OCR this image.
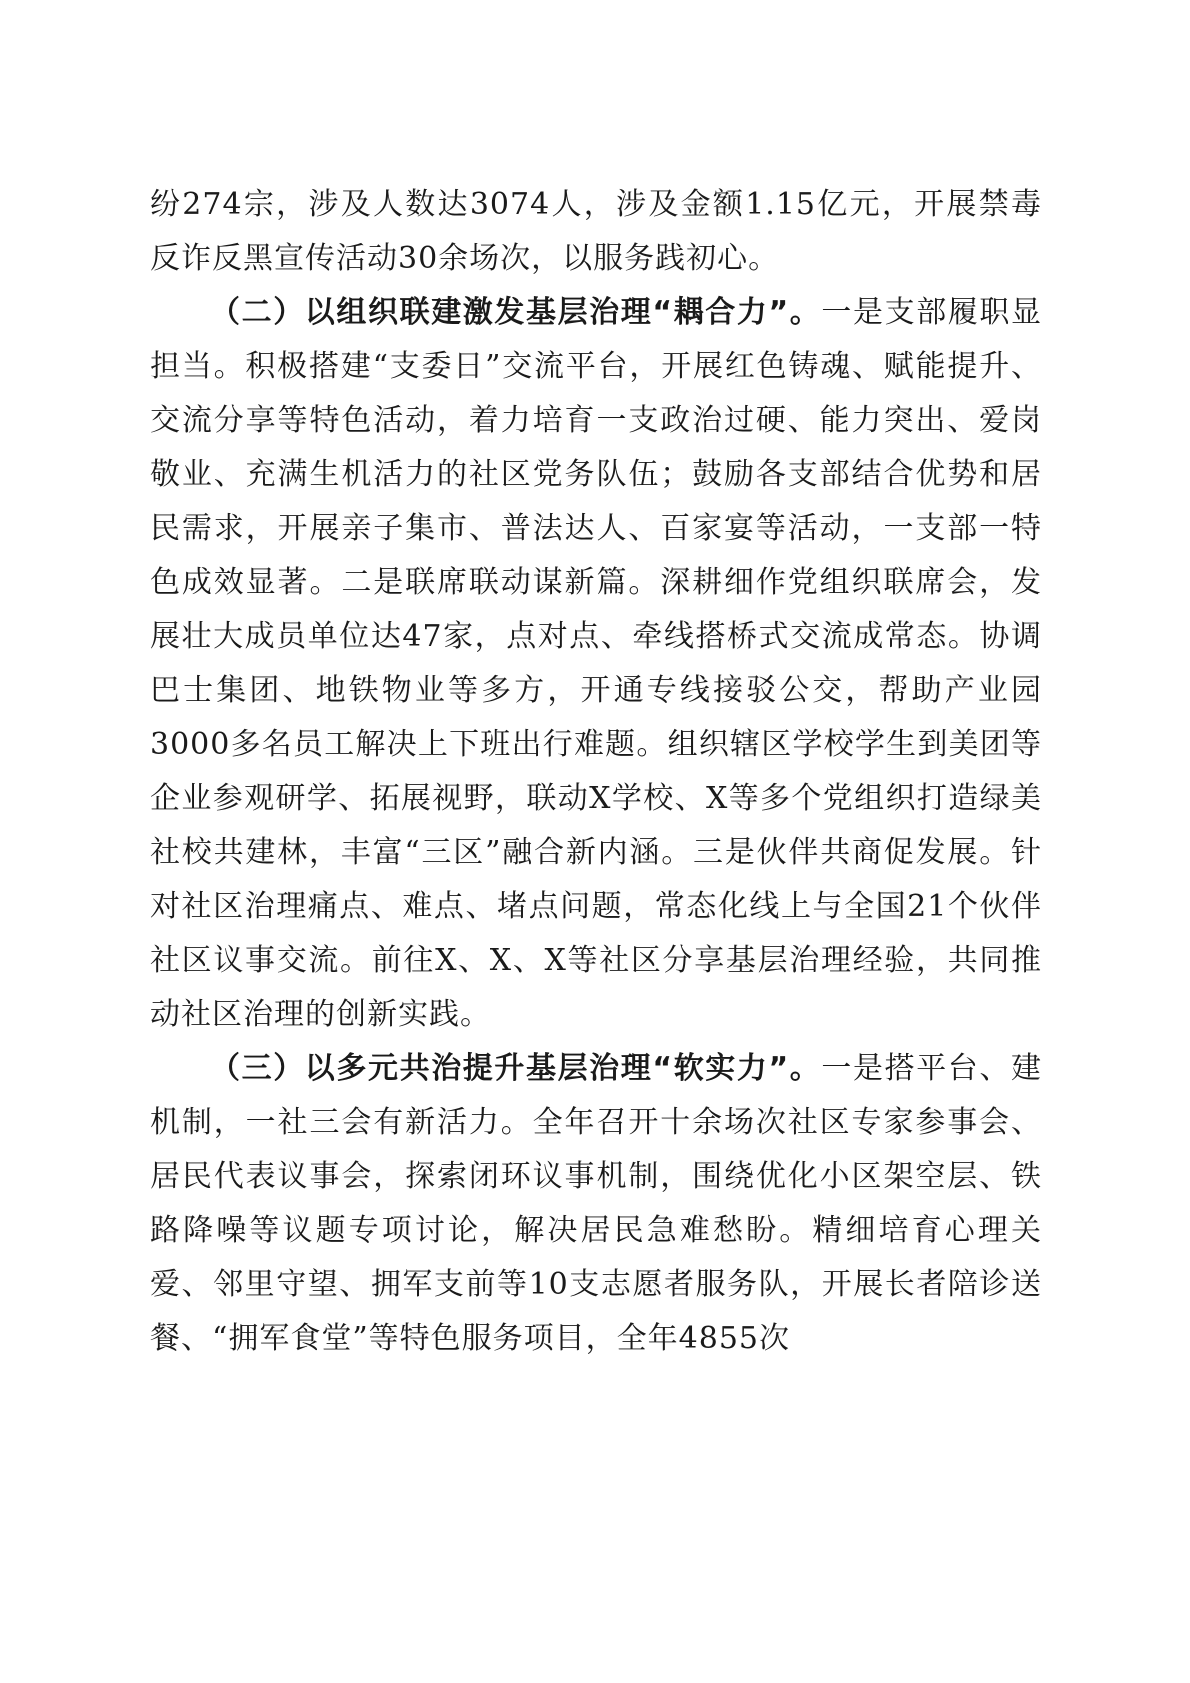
纷274宗，涉及人数达3074人，涉及金额1.15亿元，开展禁毒反诈反黑宣传活动30余场次，以服务践初心。

（二）以组织联建激发基层治理“耦合力”。一是支部履职显担当。积极搭建“支委日”交流平台，开展红色铸魂、赋能提升、交流分享等特色活动，着力培育一支政治过硬、能力突出、爱岗敬业、充满生机活力的社区党务队伍；鼓励各支部结合优势和居民需求，开展亲子集市、普法达人、百家宴等活动，一支部一特色成效显著。二是联席联动谋新篇。深耕细作党组织联席会，发展壮大成员单位达47家，点对点、牵线搭桥式交流成常态。协调巴士集团、地铁物业等多方，开通专线接驳公交，帮助产业园3000多名员工解决上下班出行难题。组织辖区学校学生到美团等企业参观研学、拓展视野，联动X学校、X等多个党组织打造绿美社校共建林，丰富“三区”融合新内涵。三是伙伴共商促发展。针对社区治理痛点、难点、堵点问题，常态化线上与全国21个伙伴社区议事交流。前往X、X、X等社区分享基层治理经验，共同推动社区治理的创新实践。

（三）以多元共治提升基层治理“软实力”。一是搭平台、建机制，一社三会有新活力。全年召开十余场次社区专家参事会、居民代表议事会，探索闭环议事机制，围绕优化小区架空层、铁路降噪等议题专项讨论，解决居民急难愁盼。精细培育心理关爱、邻里守望、拥军支前等10支志愿者服务队，开展长者陪诊送餐、“拥军食堂”等特色服务项目，全年4855次
